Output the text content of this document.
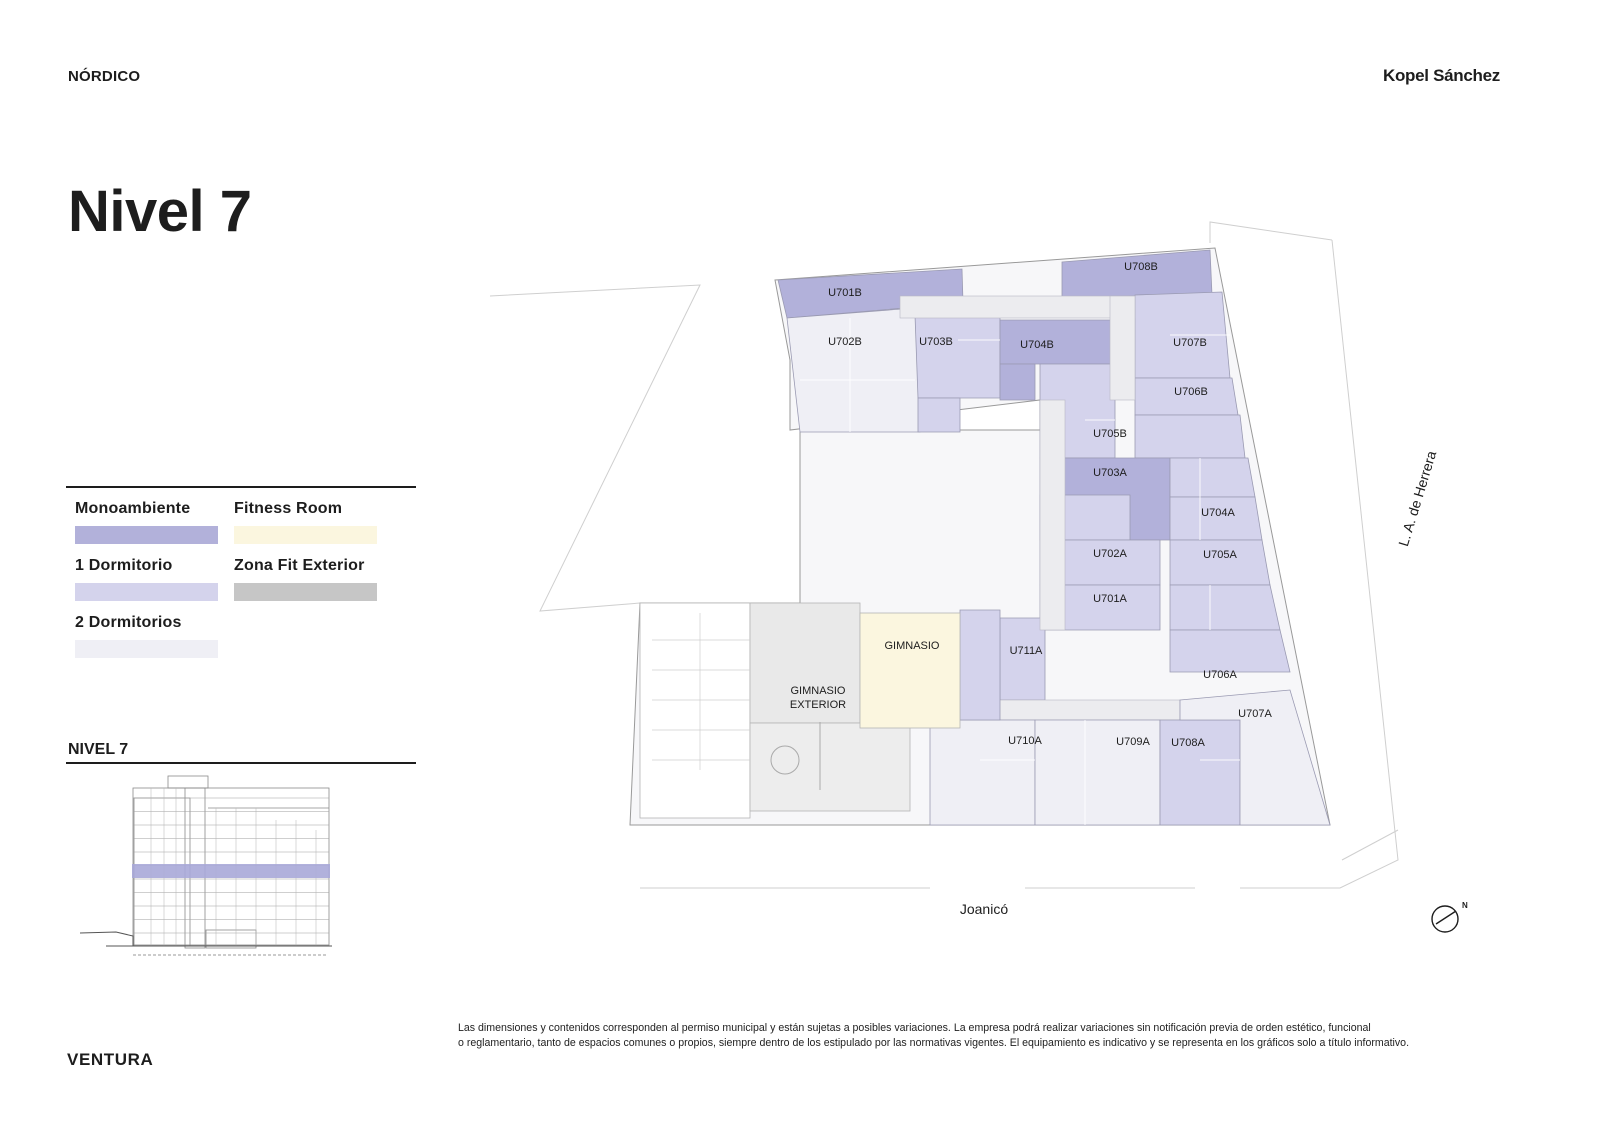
NÓRDICO	Kopel Sánchez
Nivel 7
Monoambiente	Fitness Room
1 Dormitorio	Zona Fit Exterior
2 Dormitorios
NIVEL 7
U701B
U702B	U703B	U704B
U705B
U706B
U707B
U708B
U701A
U702A
U703A
U704A
U705A
U706A
U707A
U708A
U709A
U710A
U711A
GIMNASIO
GIMNASIO
EXTERIOR
Joanicó
L. A. de Herrera
N
VENTURA

Las dimensiones y contenidos corresponden al permiso municipal y están sujetas a posibles variaciones. La empresa podrá realizar variaciones sin notificación previa de orden estético, funcional

o reglamentario, tanto de espacios comunes o propios, siempre dentro de los estipulado por las normativas vigentes. El equipamiento es indicativo y se representa en los gráficos solo a título informativo.
